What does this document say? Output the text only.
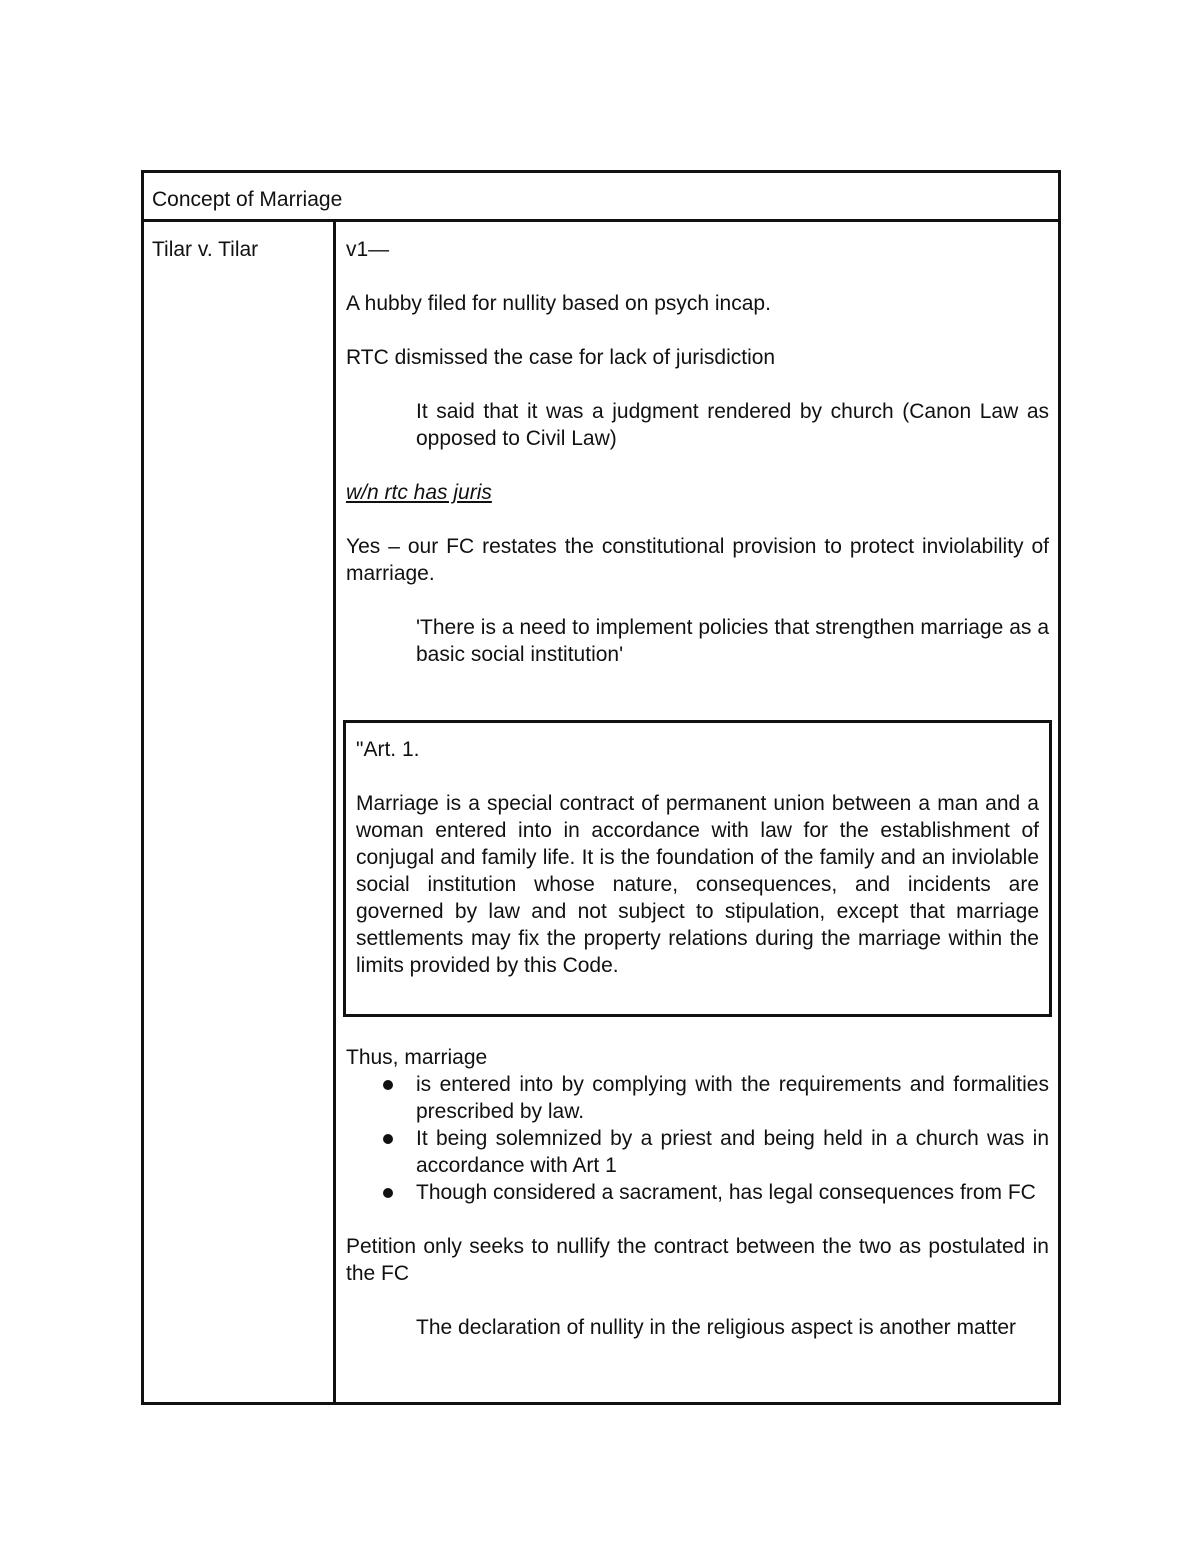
Concept of Marriage
Tilar v. Tilar	v1—

A hubby filed for nullity based on psych incap.

RTC dismissed the case for lack of jurisdiction

It said that it was a judgment rendered by church (Canon Law as opposed to Civil Law)

w/n rtc has juris

Yes – our FC restates the constitutional provision to protect inviolability of marriage.

'There is a need to implement policies that strengthen marriage as a basic social institution'

"Art. 1.

Marriage is a special contract of permanent union between a man and a woman entered into in accordance with law for the establishment of conjugal and family life. It is the foundation of the family and an inviolable social institution whose nature, consequences, and incidents are governed by law and not subject to stipulation, except that marriage settlements may fix the property relations during the marriage within the limits provided by this Code.

Thus, marriage

is entered into by complying with the requirements and formalities prescribed by law.
It being solemnized by a priest and being held in a church was in accordance with Art 1
Though considered a sacrament, has legal consequences from FC

Petition only seeks to nullify the contract between the two as postulated in the FC

The declaration of nullity in the religious aspect is another matter
